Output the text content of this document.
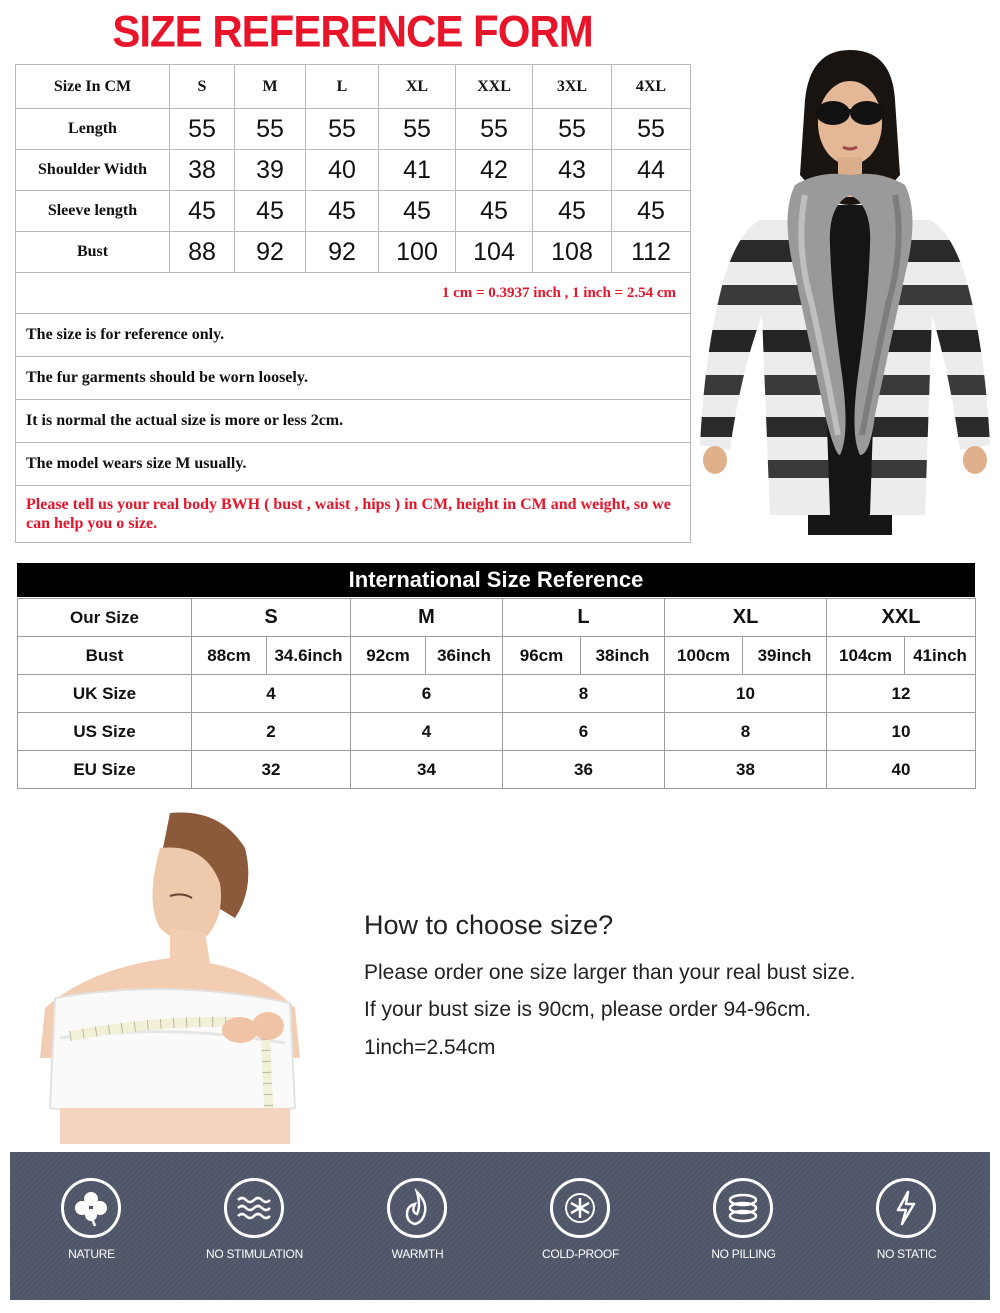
SIZE REFERENCE FORM
Size In CM	S	M	L	XL	XXL	3XL	4XL
Length	55	55	55	55	55	55	55
Shoulder Width	38	39	40	41	42	43	44
Sleeve length	45	45	45	45	45	45	45
Bust	88	92	92	100	104	108	112
1 cm = 0.3937 inch , 1 inch = 2.54 cm							
The size is for reference only.							
The fur garments should be worn loosely.							
It is normal the actual size is more or less 2cm.							
The model wears size M usually.							
Please tell us your real body BWH ( bust , waist , hips ) in CM, height in CM and weight, so we can help you o size.							
International Size Reference
Our Size	S		M		L		XL		XXL	
Bust	88cm	34.6inch	92cm	36inch	96cm	38inch	100cm	39inch	104cm	41inch
UK Size	4		6		8		10		12	
US Size	2		4		6		8		10	
EU Size	32		34		36		38		40	
How to choose size?
Please order one size larger than your real bust size.
If your bust size is 90cm, please order 94-96cm.
1inch=2.54cm
NATURE	NO STIMULATION	WARMTH	COLD-PROOF	NO PILLING	NO STATIC
